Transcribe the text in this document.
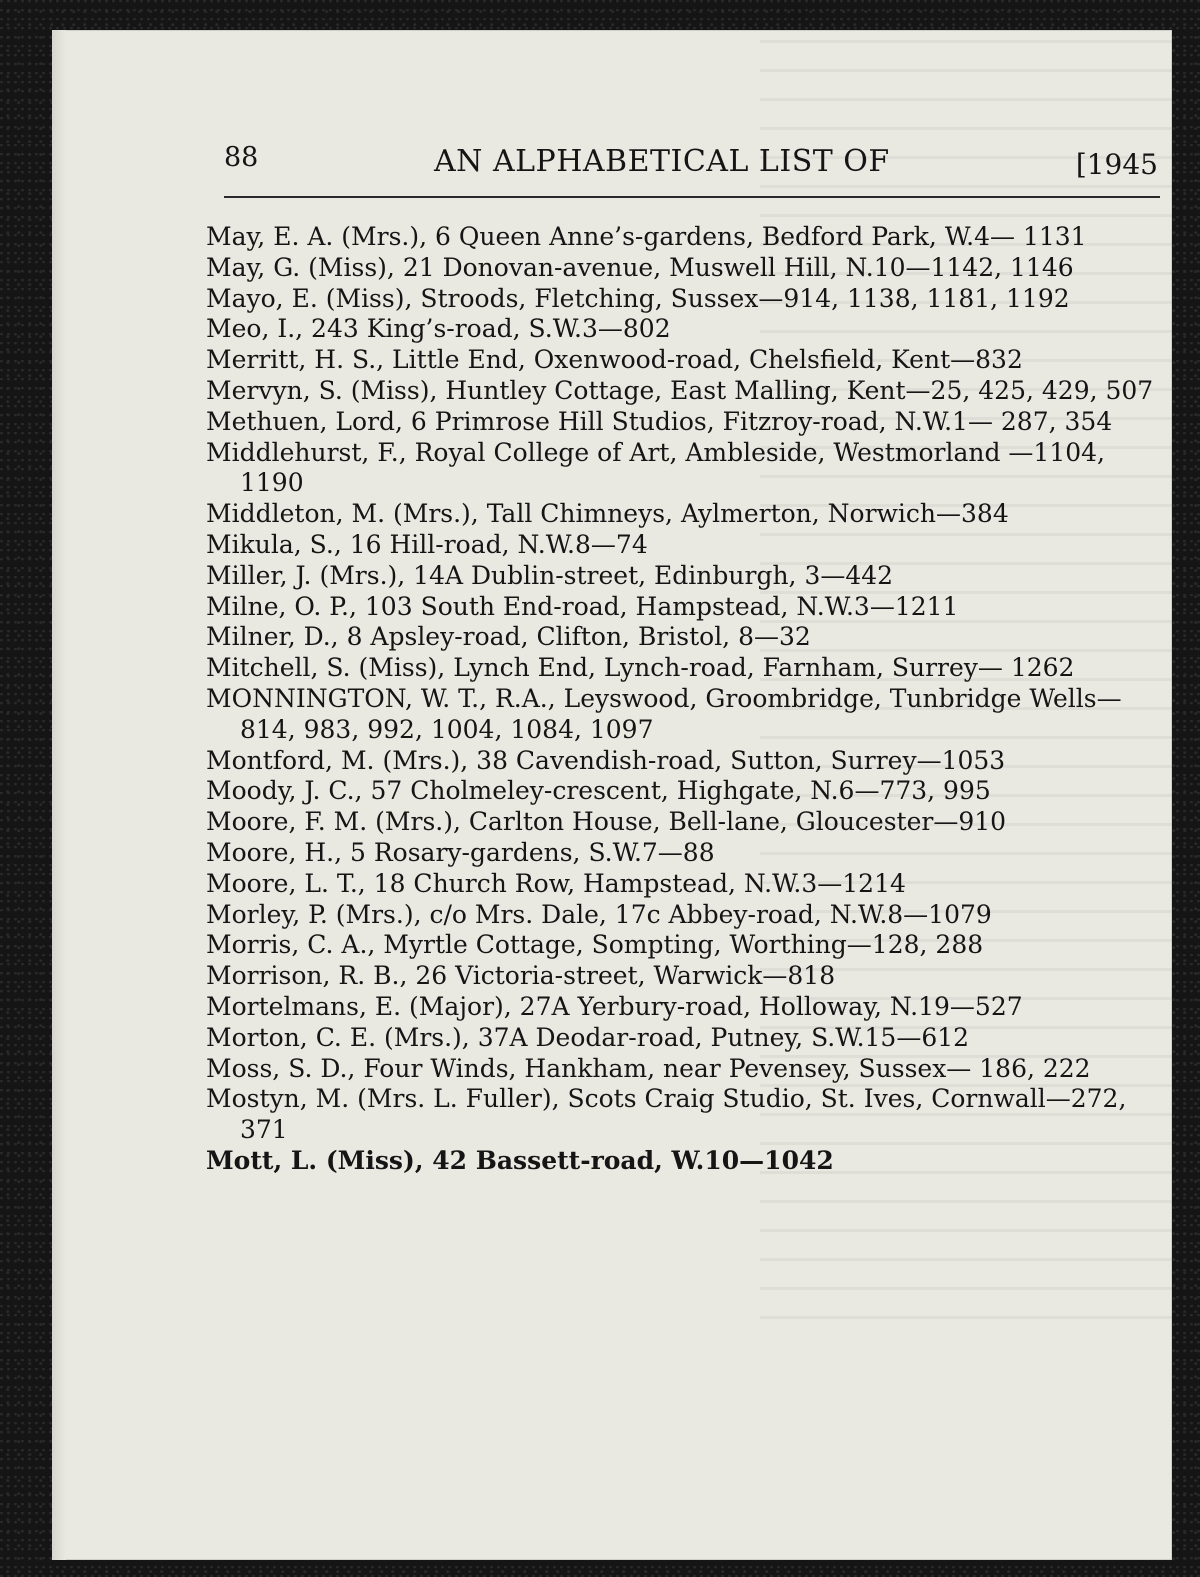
88	AN ALPHABETICAL LIST OF	[1945
May, E. A. (Mrs.), 6 Queen Anne’s-gardens, Bedford Park, W.4— 1131
May, G. (Miss), 21 Donovan-avenue, Muswell Hill, N.10—1142, 1146
Mayo, E. (Miss), Stroods, Fletching, Sussex—914, 1138, 1181, 1192
Meo, I., 243 King’s-road, S.W.3—802
Merritt, H. S., Little End, Oxenwood-road, Chelsfield, Kent—832
Mervyn, S. (Miss), Huntley Cottage, East Malling, Kent—25, 425, 429, 507
Methuen, Lord, 6 Primrose Hill Studios, Fitzroy-road, N.W.1— 287, 354
Middlehurst, F., Royal College of Art, Ambleside, Westmorland —1104, 1190
Middleton, M. (Mrs.), Tall Chimneys, Aylmerton, Norwich—384
Mikula, S., 16 Hill-road, N.W.8—74
Miller, J. (Mrs.), 14A Dublin-street, Edinburgh, 3—442
Milne, O. P., 103 South End-road, Hampstead, N.W.3—1211
Milner, D., 8 Apsley-road, Clifton, Bristol, 8—32
Mitchell, S. (Miss), Lynch End, Lynch-road, Farnham, Surrey— 1262
MONNINGTON, W. T., R.A., Leyswood, Groombridge, Tunbridge Wells—814, 983, 992, 1004, 1084, 1097
Montford, M. (Mrs.), 38 Cavendish-road, Sutton, Surrey—1053
Moody, J. C., 57 Cholmeley-crescent, Highgate, N.6—773, 995
Moore, F. M. (Mrs.), Carlton House, Bell-lane, Gloucester—910
Moore, H., 5 Rosary-gardens, S.W.7—88
Moore, L. T., 18 Church Row, Hampstead, N.W.3—1214
Morley, P. (Mrs.), c/o Mrs. Dale, 17c Abbey-road, N.W.8—1079
Morris, C. A., Myrtle Cottage, Sompting, Worthing—128, 288
Morrison, R. B., 26 Victoria-street, Warwick—818
Mortelmans, E. (Major), 27A Yerbury-road, Holloway, N.19—527
Morton, C. E. (Mrs.), 37A Deodar-road, Putney, S.W.15—612
Moss, S. D., Four Winds, Hankham, near Pevensey, Sussex— 186, 222
Mostyn, M. (Mrs. L. Fuller), Scots Craig Studio, St. Ives, Cornwall—272, 371
Mott, L. (Miss), 42 Bassett-road, W.10—1042
